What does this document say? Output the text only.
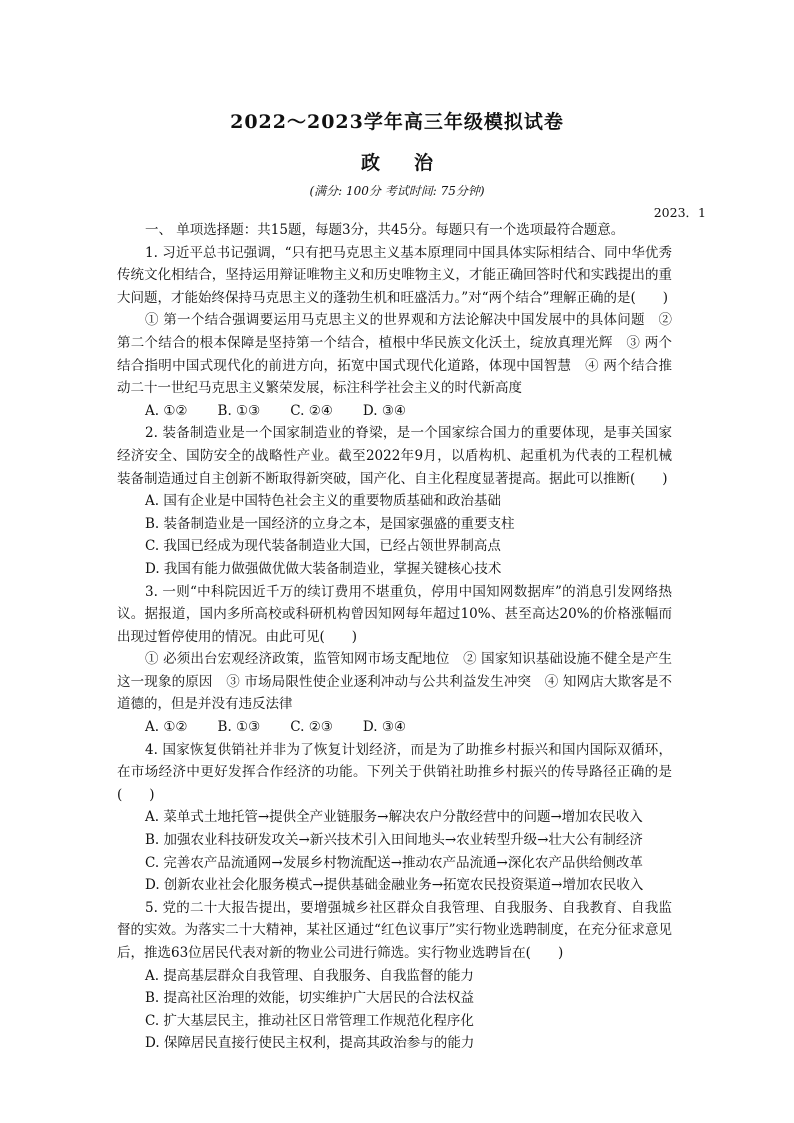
2022～2023学年高三年级模拟试卷
政治
(满分: 100分 考试时间: 75分钟)
2023．1

一、 单项选择题：共15题，每题3分，共45分。每题只有一个选项最符合题意。

1. 习近平总书记强调，“只有把马克思主义基本原理同中国具体实际相结合、同中华优秀传统文化相结合，坚持运用辩证唯物主义和历史唯物主义，才能正确回答时代和实践提出的重大问题，才能始终保持马克思主义的蓬勃生机和旺盛活力。”对“两个结合”理解正确的是(　　)

① 第一个结合强调要运用马克思主义的世界观和方法论解决中国发展中的具体问题　② 第二个结合的根本保障是坚持第一个结合，植根中华民族文化沃土，绽放真理光辉　③ 两个结合指明中国式现代化的前进方向，拓宽中国式现代化道路，体现中国智慧　④ 两个结合推动二十一世纪马克思主义繁荣发展，标注科学社会主义的时代新高度

A. ①② B. ①③ C. ②④ D. ③④

2. 装备制造业是一个国家制造业的脊梁，是一个国家综合国力的重要体现，是事关国家经济安全、国防安全的战略性产业。截至2022年9月，以盾构机、起重机为代表的工程机械装备制造通过自主创新不断取得新突破，国产化、自主化程度显著提高。据此可以推断(　　)

A. 国有企业是中国特色社会主义的重要物质基础和政治基础

B. 装备制造业是一国经济的立身之本，是国家强盛的重要支柱

C. 我国已经成为现代装备制造业大国，已经占领世界制高点

D. 我国有能力做强做优做大装备制造业，掌握关键核心技术

3. 一则“中科院因近千万的续订费用不堪重负，停用中国知网数据库”的消息引发网络热议。据报道，国内多所高校或科研机构曾因知网每年超过10%、甚至高达20%的价格涨幅而出现过暂停使用的情况。由此可见(　　)

① 必须出台宏观经济政策，监管知网市场支配地位　② 国家知识基础设施不健全是产生这一现象的原因　③ 市场局限性使企业逐利冲动与公共利益发生冲突　④ 知网店大欺客是不道德的，但是并没有违反法律

A. ①② B. ①③ C. ②③ D. ③④

4. 国家恢复供销社并非为了恢复计划经济，而是为了助推乡村振兴和国内国际双循环，在市场经济中更好发挥合作经济的功能。下列关于供销社助推乡村振兴的传导路径正确的是(　　)

A. 菜单式土地托管→提供全产业链服务→解决农户分散经营中的问题→增加农民收入

B. 加强农业科技研发攻关→新兴技术引入田间地头→农业转型升级→壮大公有制经济

C. 完善农产品流通网→发展乡村物流配送→推动农产品流通→深化农产品供给侧改革

D. 创新农业社会化服务模式→提供基础金融业务→拓宽农民投资渠道→增加农民收入

5. 党的二十大报告提出，要增强城乡社区群众自我管理、自我服务、自我教育、自我监督的实效。为落实二十大精神，某社区通过“红色议事厅”实行物业选聘制度，在充分征求意见后，推选63位居民代表对新的物业公司进行筛选。实行物业选聘旨在(　　)

A. 提高基层群众自我管理、自我服务、自我监督的能力

B. 提高社区治理的效能，切实维护广大居民的合法权益

C. 扩大基层民主，推动社区日常管理工作规范化程序化

D. 保障居民直接行使民主权利，提高其政治参与的能力
